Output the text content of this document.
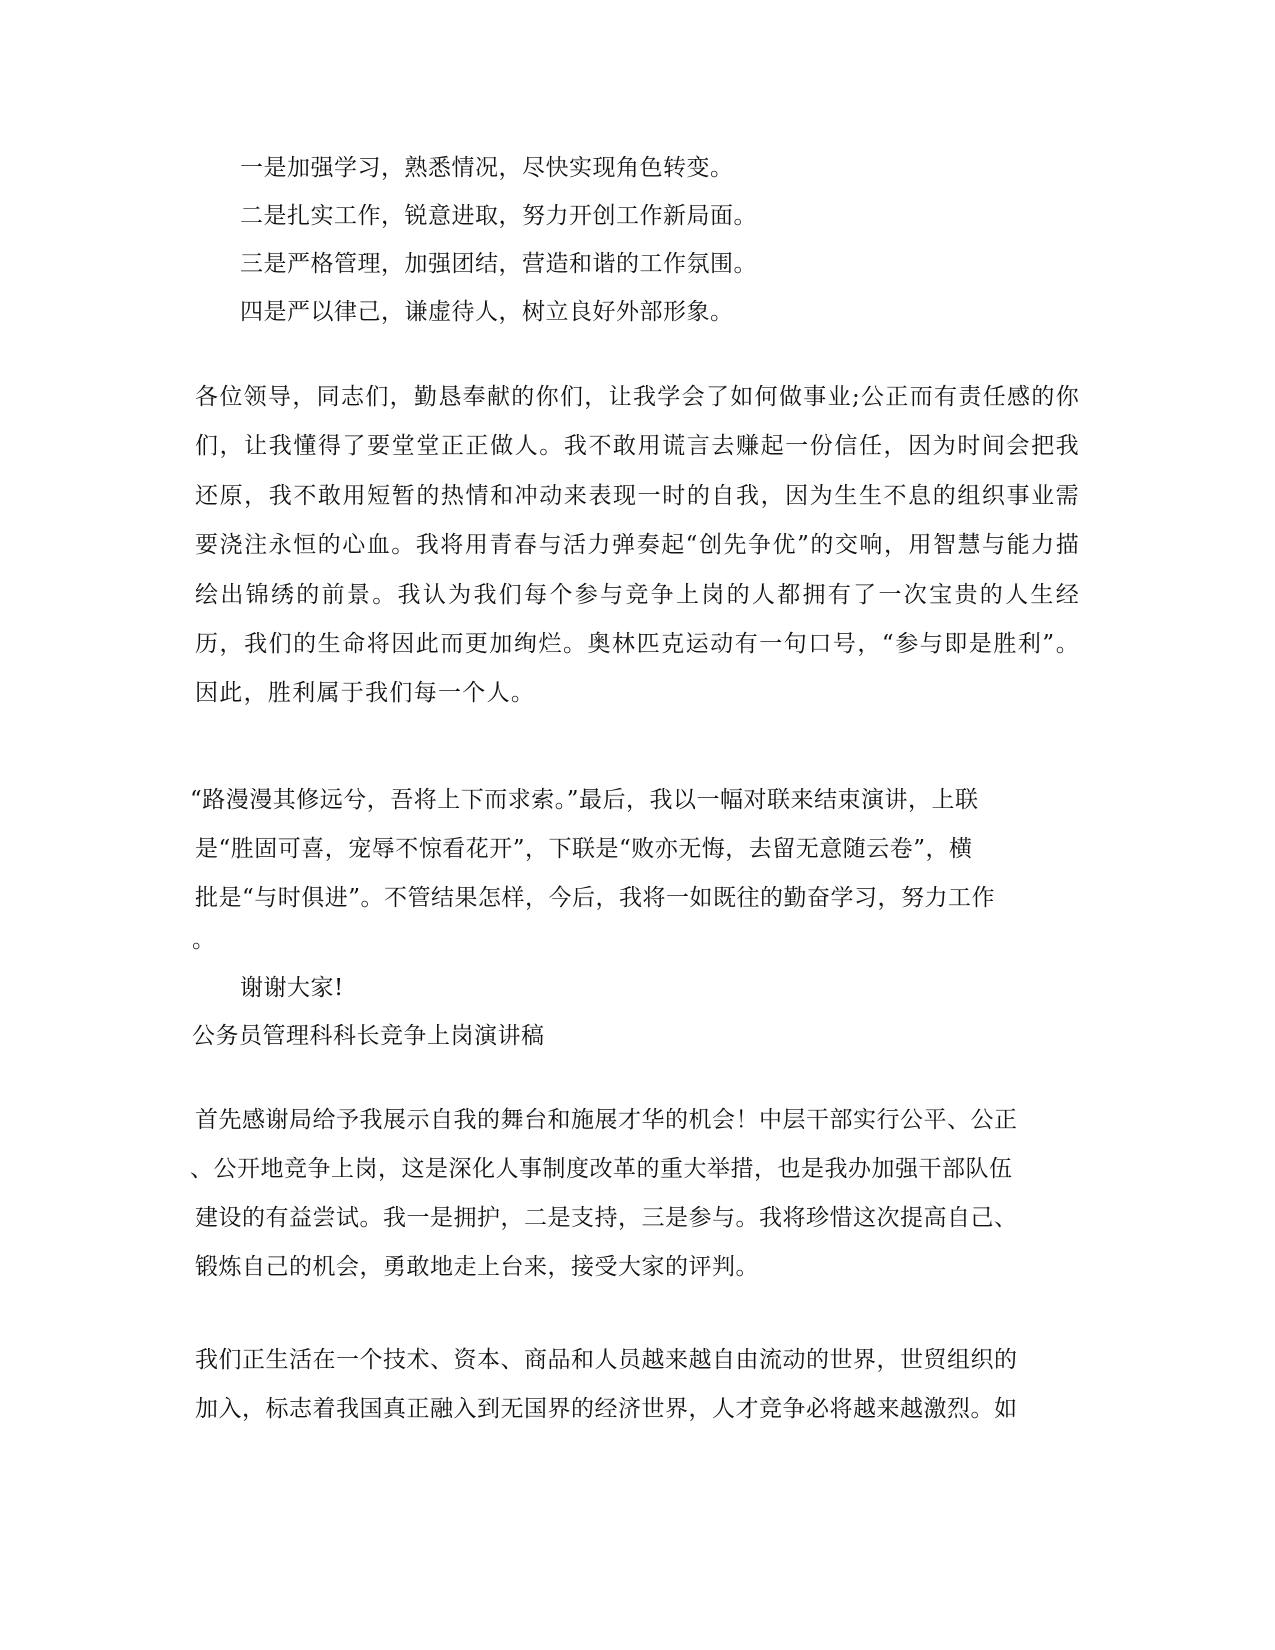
一是加强学习，熟悉情况，尽快实现角色转变。
二是扎实工作，锐意进取，努力开创工作新局面。
三是严格管理，加强团结，营造和谐的工作氛围。
四是严以律己，谦虚待人，树立良好外部形象。

各位领导，同志们，勤恳奉献的你们，让我学会了如何做事业;公正而有责任感的你们，让我懂得了要堂堂正正做人。我不敢用谎言去赚起一份信任，因为时间会把我还原，我不敢用短暂的热情和冲动来表现一时的自我，因为生生不息的组织事业需要浇注永恒的心血。我将用青春与活力弹奏起“创先争优”的交响，用智慧与能力描绘出锦绣的前景。我认为我们每个参与竞争上岗的人都拥有了一次宝贵的人生经历，我们的生命将因此而更加绚烂。奥林匹克运动有一句口号，“参与即是胜利”。因此，胜利属于我们每一个人。

“路漫漫其修远兮，吾将上下而求索。”最后，我以一幅对联来结束演讲，上联
是“胜固可喜，宠辱不惊看花开”，下联是“败亦无悔，去留无意随云卷”，横
批是“与时俱进”。不管结果怎样，今后，我将一如既往的勤奋学习，努力工作
。
谢谢大家!
公务员管理科科长竞争上岗演讲稿
首先感谢局给予我展示自我的舞台和施展才华的机会！中层干部实行公平、公正
、公开地竞争上岗，这是深化人事制度改革的重大举措，也是我办加强干部队伍
建设的有益尝试。我一是拥护，二是支持，三是参与。我将珍惜这次提高自己、
锻炼自己的机会，勇敢地走上台来，接受大家的评判。
我们正生活在一个技术、资本、商品和人员越来越自由流动的世界，世贸组织的
加入，标志着我国真正融入到无国界的经济世界，人才竞争必将越来越激烈。如
